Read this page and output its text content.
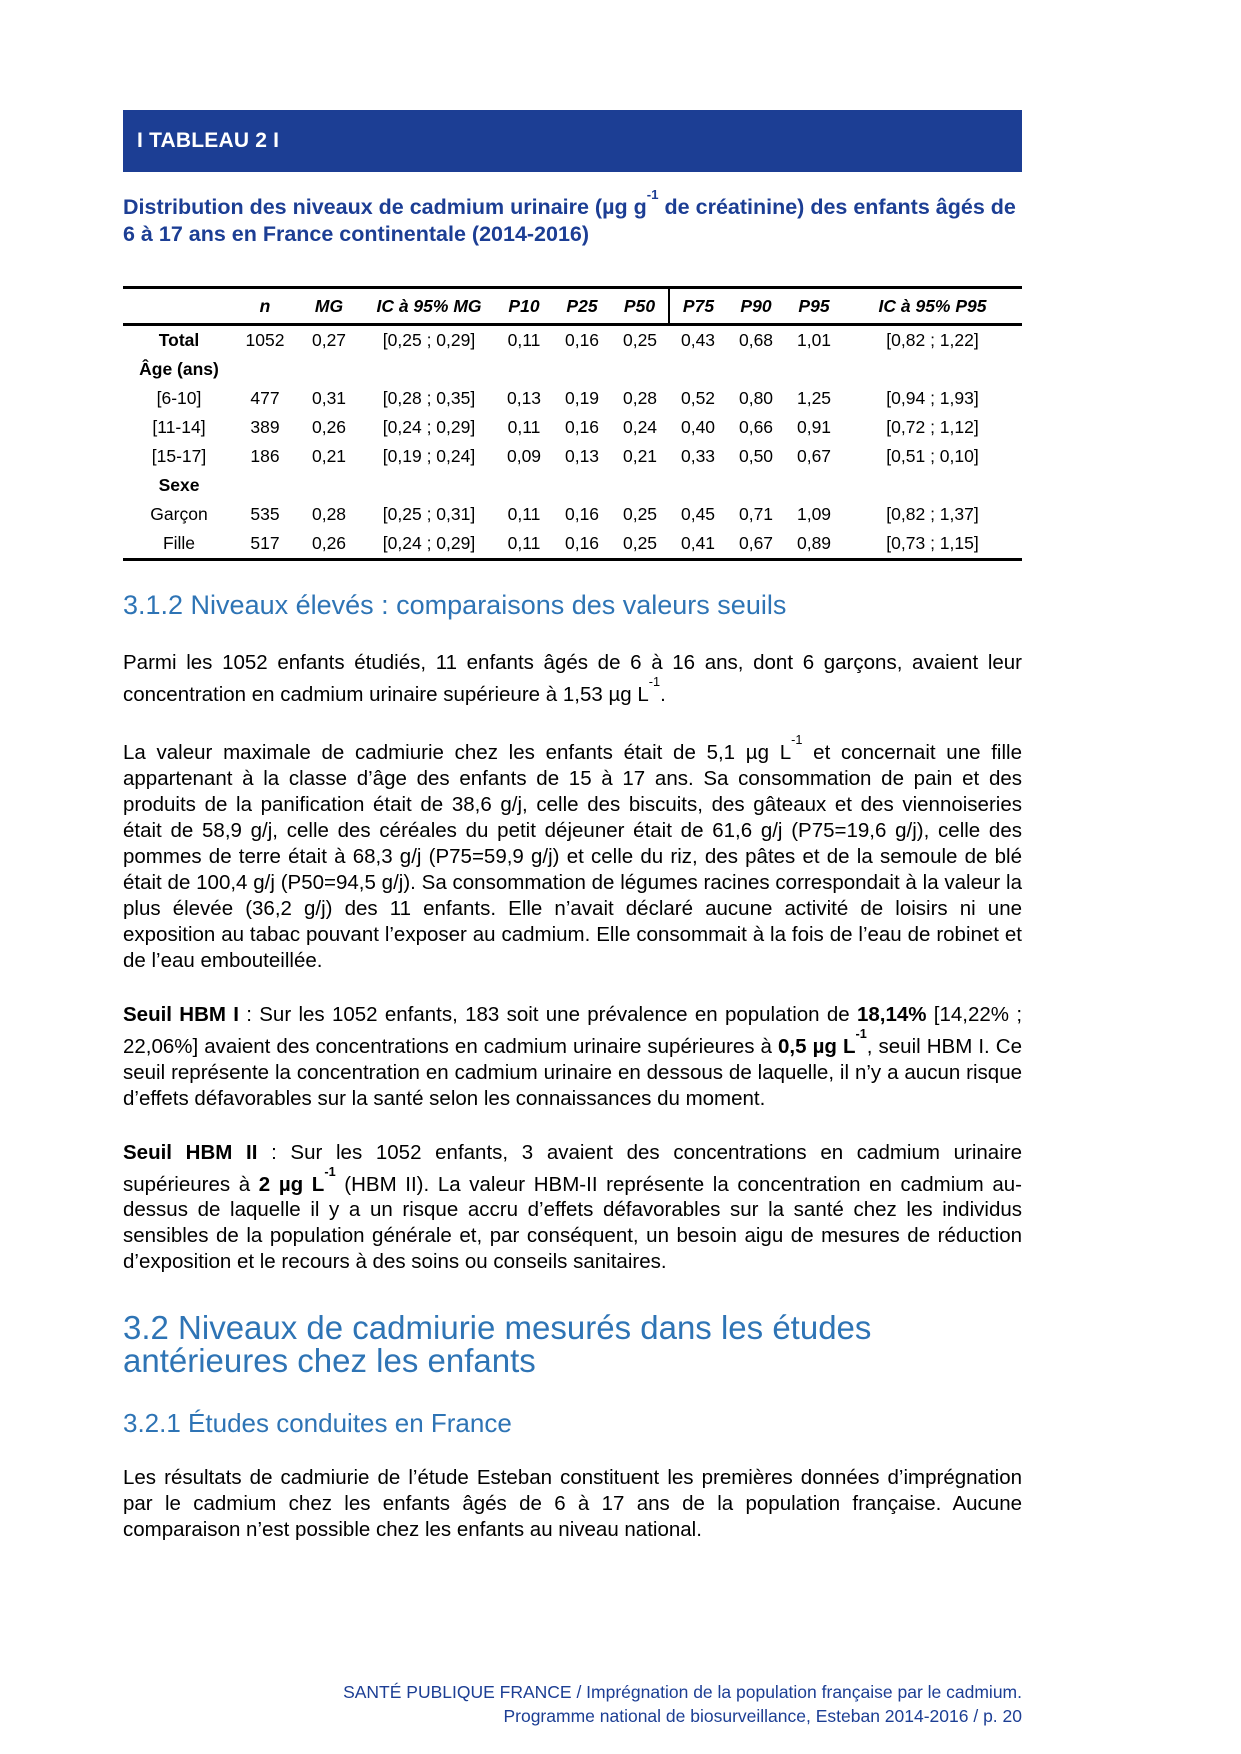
I TABLEAU 2 I
Distribution des niveaux de cadmium urinaire (µg $g^{-1}$ de créatinine) des enfants âgés de 6 à 17 ans en France continentale (2014-2016)
	n	MG	IC à 95% MG	P10	P25	P50	P75	P90	P95	IC à 95% P95
Total	1052	0,27	[0,25 ; 0,29]	0,11	0,16	0,25	0,43	0,68	1,01	[0,82 ; 1,22]
Âge (ans)										
[6-10]	477	0,31	[0,28 ; 0,35]	0,13	0,19	0,28	0,52	0,80	1,25	[0,94 ; 1,93]
[11-14]	389	0,26	[0,24 ; 0,29]	0,11	0,16	0,24	0,40	0,66	0,91	[0,72 ; 1,12]
[15-17]	186	0,21	[0,19 ; 0,24]	0,09	0,13	0,21	0,33	0,50	0,67	[0,51 ; 0,10]
Sexe										
Garçon	535	0,28	[0,25 ; 0,31]	0,11	0,16	0,25	0,45	0,71	1,09	[0,82 ; 1,37]
Fille	517	0,26	[0,24 ; 0,29]	0,11	0,16	0,25	0,41	0,67	0,89	[0,73 ; 1,15]
3.1.2 Niveaux élevés : comparaisons des valeurs seuils

Parmi les 1052 enfants étudiés, 11 enfants âgés de 6 à 16 ans, dont 6 garçons, avaient leur concentration en cadmium urinaire supérieure à 1,53 µg $L^{-1}$.

La valeur maximale de cadmiurie chez les enfants était de 5,1 µg $L^{-1}$ et concernait une fille appartenant à la classe d’âge des enfants de 15 à 17 ans. Sa consommation de pain et des produits de la panification était de 38,6 g/j, celle des biscuits, des gâteaux et des viennoiseries était de 58,9 g/j, celle des céréales du petit déjeuner était de 61,6 g/j (P75=19,6 g/j), celle des pommes de terre était à 68,3 g/j (P75=59,9 g/j) et celle du riz, des pâtes et de la semoule de blé était de 100,4 g/j (P50=94,5 g/j). Sa consommation de légumes racines correspondait à la valeur la plus élevée (36,2 g/j) des 11 enfants. Elle n’avait déclaré aucune activité de loisirs ni une exposition au tabac pouvant l’exposer au cadmium. Elle consommait à la fois de l’eau de robinet et de l’eau embouteillée.

Seuil HBM I : Sur les 1052 enfants, 183 soit une prévalence en population de 18,14% [14,22% ; 22,06%] avaient des concentrations en cadmium urinaire supérieures à 0,5 µg $L^{-1}$, seuil HBM I. Ce seuil représente la concentration en cadmium urinaire en dessous de laquelle, il n’y a aucun risque d’effets défavorables sur la santé selon les connaissances du moment.

Seuil HBM II : Sur les 1052 enfants, 3 avaient des concentrations en cadmium urinaire supérieures à 2 µg $L^{-1}$ (HBM II). La valeur HBM-II représente la concentration en cadmium au-dessus de laquelle il y a un risque accru d’effets défavorables sur la santé chez les individus sensibles de la population générale et, par conséquent, un besoin aigu de mesures de réduction d’exposition et le recours à des soins ou conseils sanitaires.

3.2 Niveaux de cadmiurie mesurés dans les études antérieures chez les enfants
3.2.1 Études conduites en France

Les résultats de cadmiurie de l’étude Esteban constituent les premières données d’imprégnation par le cadmium chez les enfants âgés de 6 à 17 ans de la population française. Aucune comparaison n’est possible chez les enfants au niveau national.

SANTÉ PUBLIQUE FRANCE / Imprégnation de la population française par le cadmium.
Programme national de biosurveillance, Esteban 2014-2016 / p. 20
